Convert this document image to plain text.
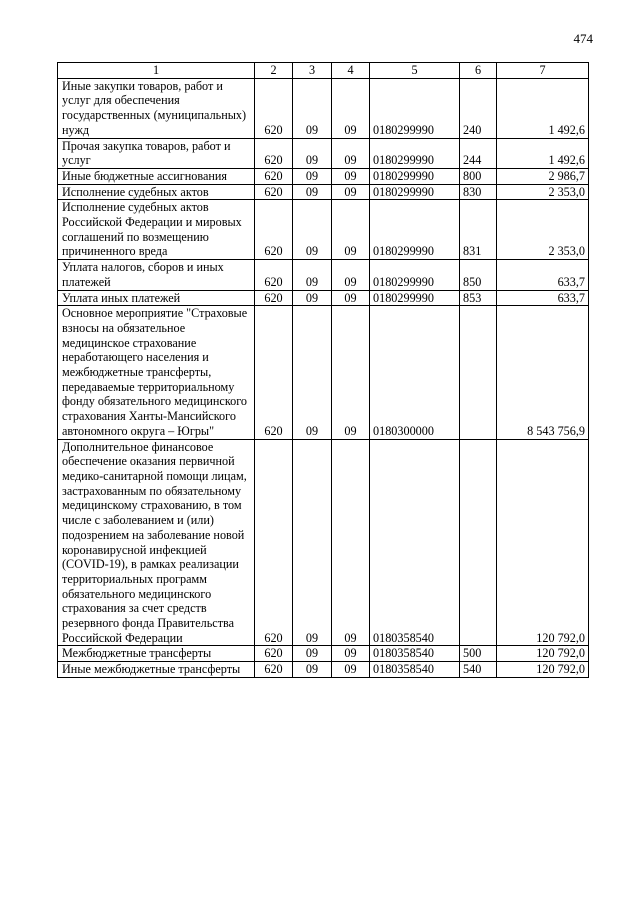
474
1	2	3	4	5	6	7
Иные закупки товаров, работ и услуг для обеспечения государственных (муниципальных) нужд	620	09	09	0180299990	240	1 492,6
Прочая закупка товаров, работ и услуг	620	09	09	0180299990	244	1 492,6
Иные бюджетные ассигнования	620	09	09	0180299990	800	2 986,7
Исполнение судебных актов	620	09	09	0180299990	830	2 353,0
Исполнение судебных актов Российской Федерации и мировых соглашений по возмещению причиненного вреда	620	09	09	0180299990	831	2 353,0
Уплата налогов, сборов и иных платежей	620	09	09	0180299990	850	633,7
Уплата иных платежей	620	09	09	0180299990	853	633,7
Основное мероприятие "Страховые взносы на обязательное медицинское страхование неработающего населения и межбюджетные трансферты, передаваемые территориальному фонду обязательного медицинского страхования Ханты-Мансийского автономного округа – Югры"	620	09	09	0180300000		8 543 756,9
Дополнительное финансовое обеспечение оказания первичной медико-санитарной помощи лицам, застрахованным по обязательному медицинскому страхованию, в том числе с заболеванием и (или) подозрением на заболевание новой коронавирусной инфекцией (COVID-19), в рамках реализации территориальных программ обязательного медицинского страхования за счет средств резервного фонда Правительства Российской Федерации	620	09	09	0180358540		120 792,0
Межбюджетные трансферты	620	09	09	0180358540	500	120 792,0
Иные межбюджетные трансферты	620	09	09	0180358540	540	120 792,0
